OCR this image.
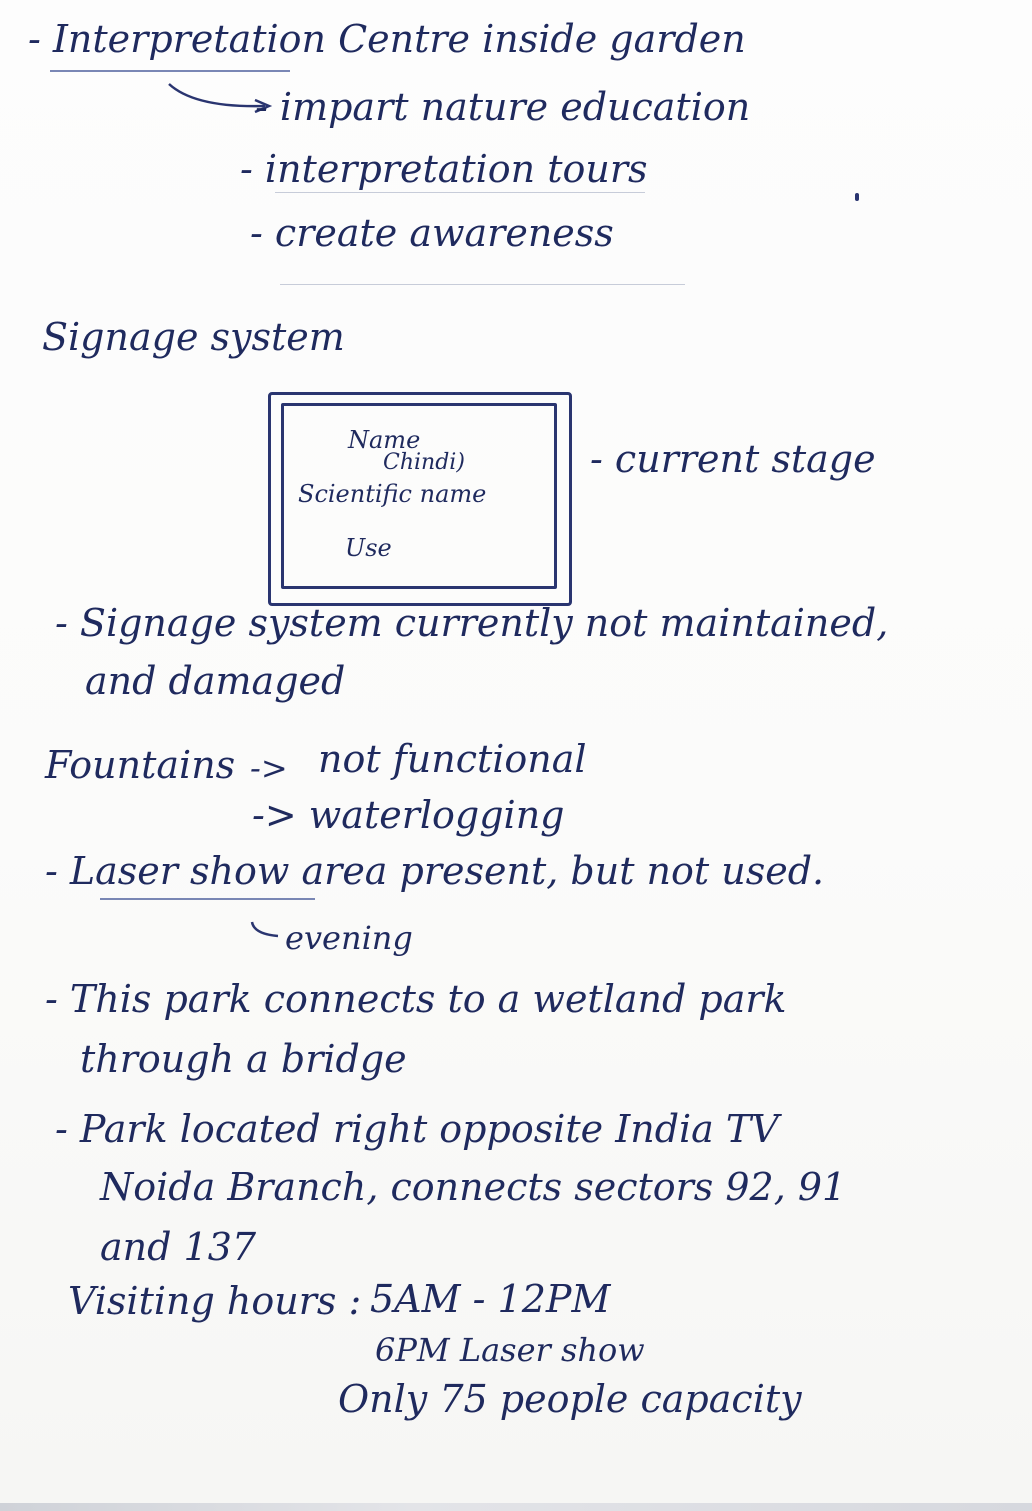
- Interpretation Centre inside garden
- impart nature education
- interpretation tours
- create awareness
Signage system
Name
Chindi)
Scientific name
Use
- current stage
- Signage system currently not maintained,
and damaged
Fountains -> not functional
-> waterlogging
- Laser show area present, but not used.
evening
- This park connects to a wetland park
through a bridge
- Park located right opposite India TV
Noida Branch, connects sectors 92, 91
and 137
Visiting hours : 5AM - 12PM
6PM Laser show
Only 75 people capacity
